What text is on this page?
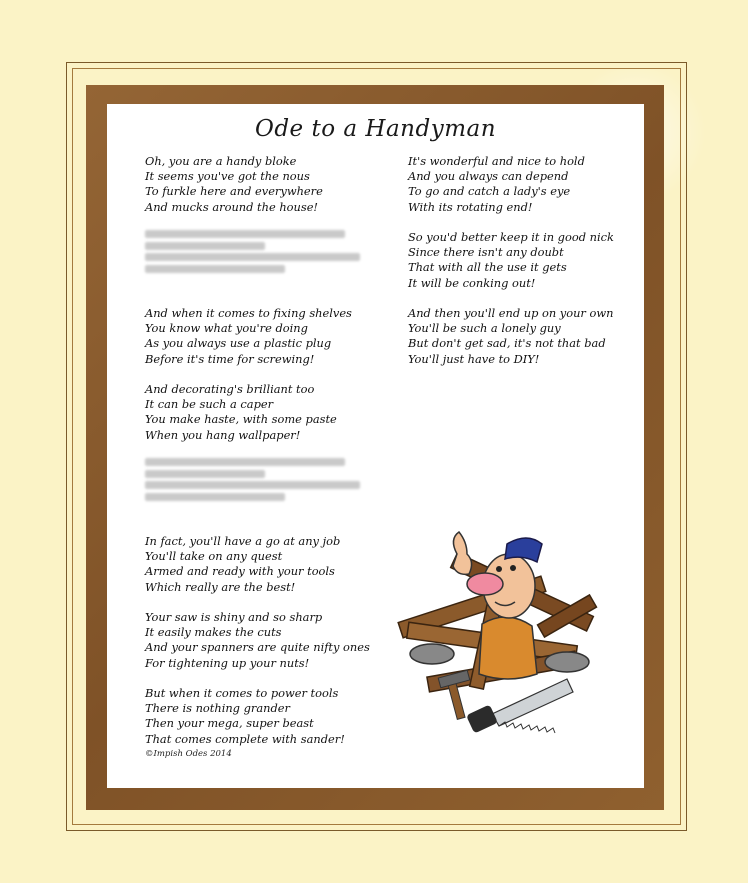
Ode to a Handyman
Oh, you are a handy bloke
It seems you've got the nous
To furkle here and everywhere
And mucks around the house!
And when it comes to fixing shelves
You know what you're doing
As you always use a plastic plug
Before it's time for screwing!
And decorating's brilliant too
It can be such a caper
You make haste, with some paste
When you hang wallpaper!
In fact, you'll have a go at any job
You'll take on any quest
Armed and ready with your tools
Which really are the best!
Your saw is shiny and so sharp
It easily makes the cuts
And your spanners are quite nifty ones
For tightening up your nuts!
But when it comes to power tools
There is nothing grander
Then your mega, super beast
That comes complete with sander!
It's wonderful and nice to hold
And you always can depend
To go and catch a lady's eye
With its rotating end!
So you'd better keep it in good nick
Since there isn't any doubt
That with all the use it gets
It will be conking out!
And then you'll end up on your own
You'll be such a lonely guy
But don't get sad, it's not that bad
You'll just have to DIY!
©Impish Odes 2014
